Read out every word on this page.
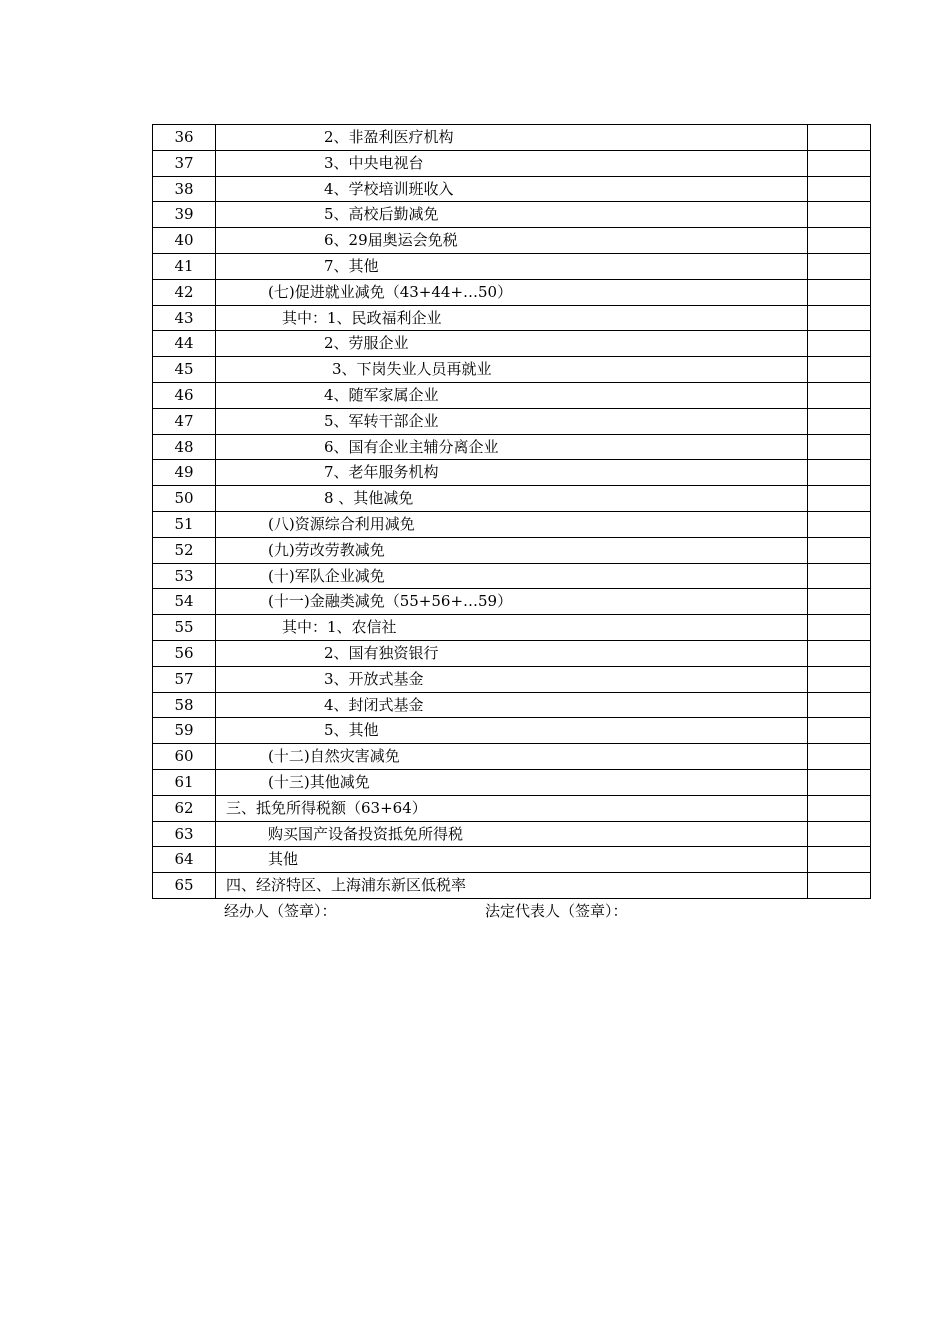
36	2、非盈利医疗机构	
37	3、中央电视台	
38	4、学校培训班收入	
39	5、高校后勤减免	
40	6、29届奥运会免税	
41	7、其他	
42	(七)促进就业减免（43+44+…50）	
43	其中：1、民政福利企业	
44	2、劳服企业	
45	3、下岗失业人员再就业	
46	4、随军家属企业	
47	5、军转干部企业	
48	6、国有企业主辅分离企业	
49	7、老年服务机构	
50	8 、其他减免	
51	(八)资源综合利用减免	
52	(九)劳改劳教减免	
53	(十)军队企业减免	
54	(十一)金融类减免（55+56+…59）	
55	其中：1、农信社	
56	2、国有独资银行	
57	3、开放式基金	
58	4、封闭式基金	
59	5、其他	
60	(十二)自然灾害减免	
61	(十三)其他减免	
62	三、抵免所得税额（63+64）	
63	购买国产设备投资抵免所得税	
64	其他	
65	四、经济特区、上海浦东新区低税率	
经办人（签章）：	法定代表人（签章）：
